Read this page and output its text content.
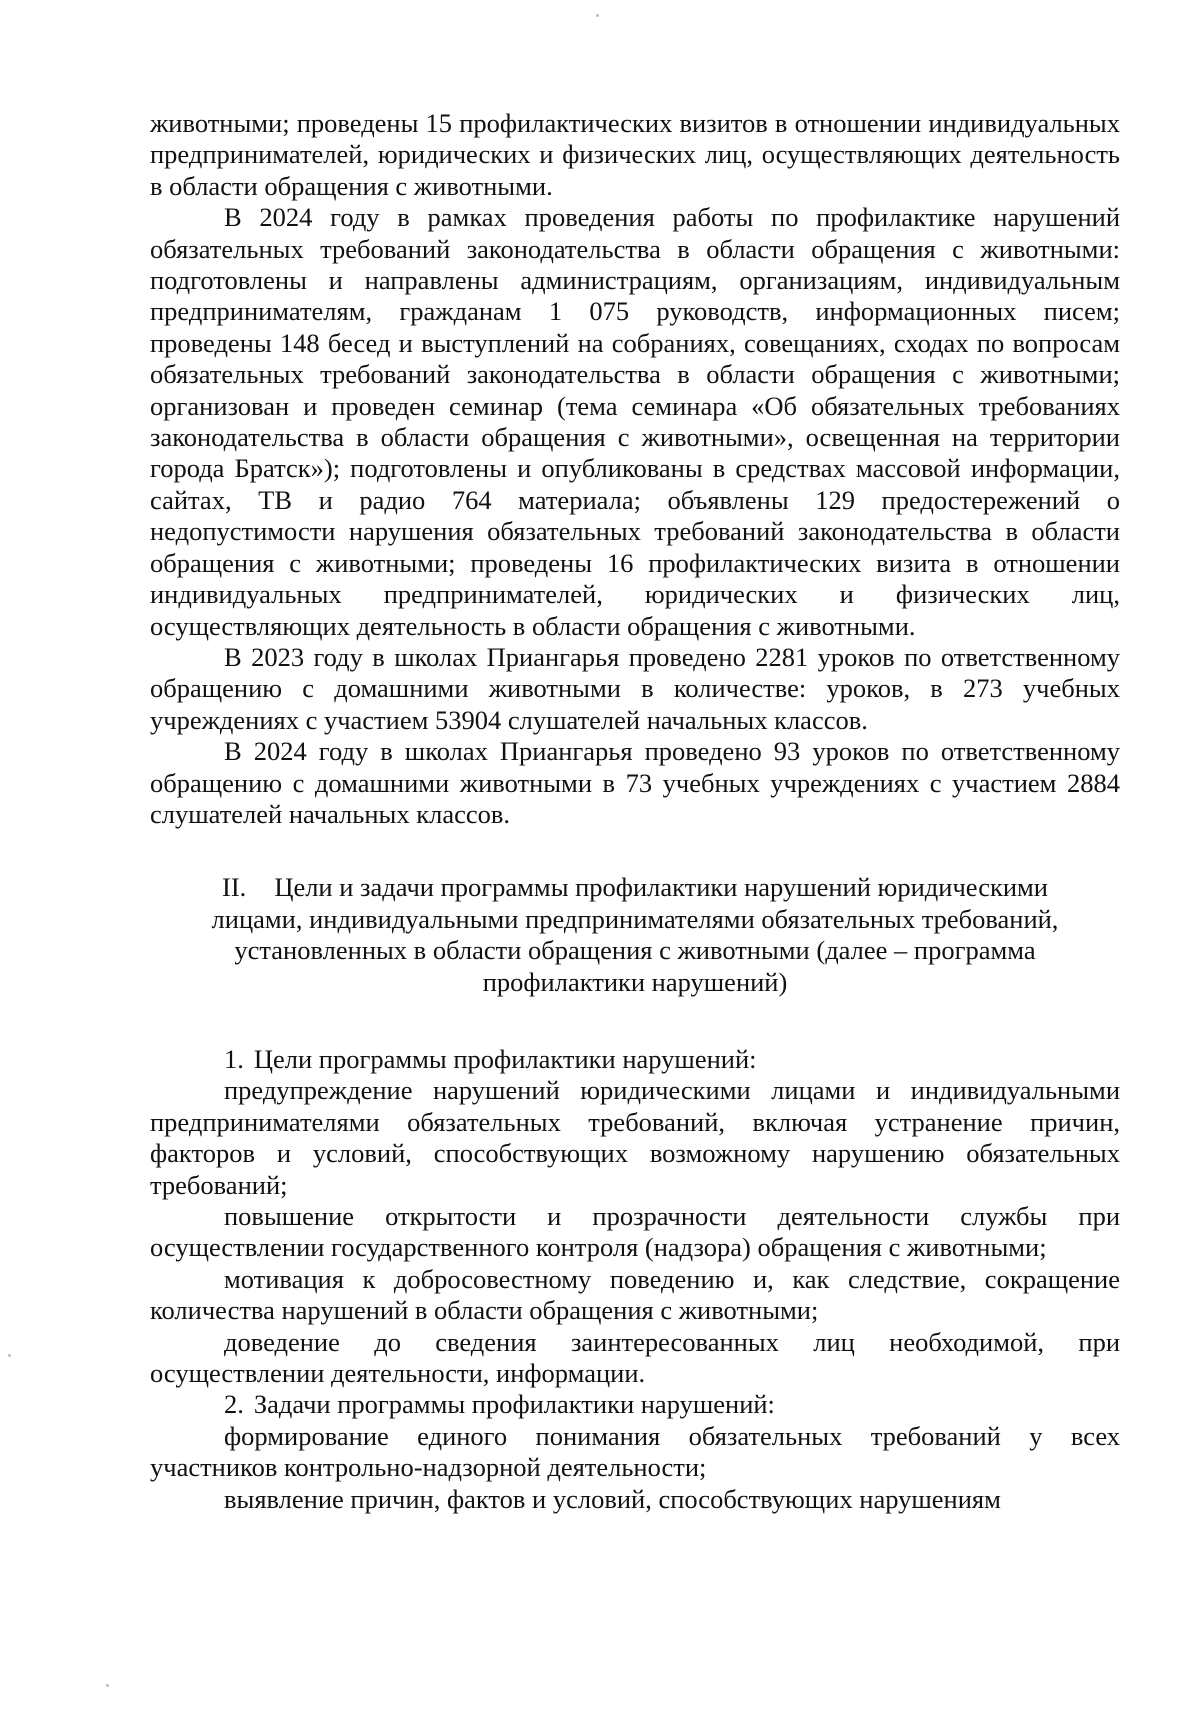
животными; проведены 15 профилактических визитов в отношении индивидуальных предпринимателей, юридических и физических лиц, осуществляющих деятельность в области обращения с животными.

В 2024 году в рамках проведения работы по профилактике нарушений обязательных требований законодательства в области обращения с животными: подготовлены и направлены администрациям, организациям, индивидуальным предпринимателям, гражданам 1 075 руководств, информационных писем; проведены 148 бесед и выступлений на собраниях, совещаниях, сходах по вопросам обязательных требований законодательства в области обращения с животными; организован и проведен семинар (тема семинара «Об обязательных требованиях законодательства в области обращения с животными», освещенная на территории города Братск»); подготовлены и опубликованы в средствах массовой информации, сайтах, ТВ и радио 764 материала; объявлены 129 предостережений о недопустимости нарушения обязательных требований законодательства в области обращения с животными; проведены 16 профилактических визита в отношении индивидуальных предпринимателей, юридических и физических лиц, осуществляющих деятельность в области обращения с животными.

В 2023 году в школах Приангарья проведено 2281 уроков по ответственному обращению с домашними животными в количестве: уроков, в 273 учебных учреждениях с участием 53904 слушателей начальных классов.

В 2024 году в школах Приангарья проведено 93 уроков по ответственному обращению с домашними животными в 73 учебных учреждениях с участием 2884 слушателей начальных классов.

II. Цели и задачи программы профилактики нарушений юридическими лицами, индивидуальными предпринимателями обязательных требований, установленных в области обращения с животными (далее – программа профилактики нарушений)

1. Цели программы профилактики нарушений:

предупреждение нарушений юридическими лицами и индивидуальными предпринимателями обязательных требований, включая устранение причин, факторов и условий, способствующих возможному нарушению обязательных требований;

повышение открытости и прозрачности деятельности службы при осуществлении государственного контроля (надзора) обращения с животными;

мотивация к добросовестному поведению и, как следствие, сокращение количества нарушений в области обращения с животными;

доведение до сведения заинтересованных лиц необходимой, при осуществлении деятельности, информации.

2. Задачи программы профилактики нарушений:

формирование единого понимания обязательных требований у всех участников контрольно-надзорной деятельности;

выявление причин, фактов и условий, способствующих нарушениям
